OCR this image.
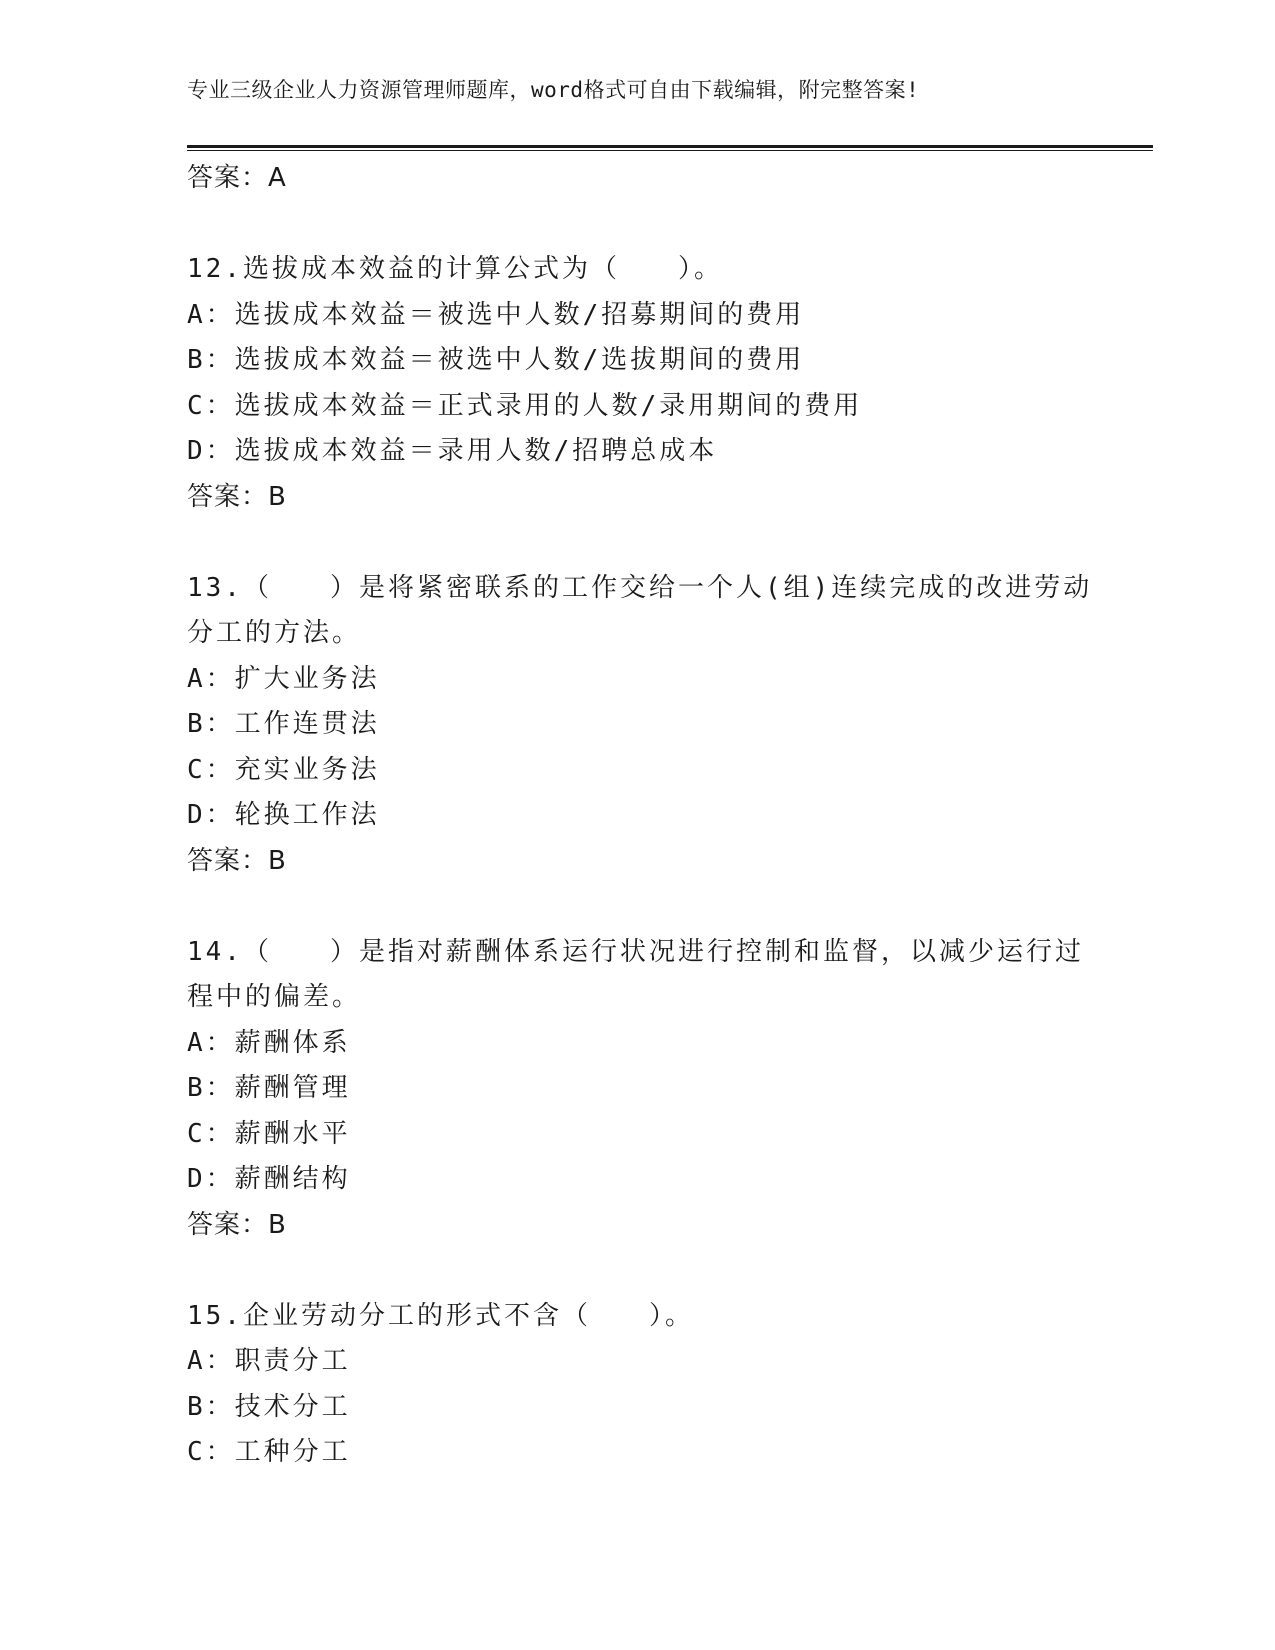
专业三级企业人力资源管理师题库，word格式可自由下载编辑，附完整答案!
答案：A
12.选拔成本效益的计算公式为（　　）。
A：选拔成本效益＝被选中人数/招募期间的费用
B：选拔成本效益＝被选中人数/选拔期间的费用
C：选拔成本效益＝正式录用的人数/录用期间的费用
D：选拔成本效益＝录用人数/招聘总成本
答案：B
13.（　　）是将紧密联系的工作交给一个人(组)连续完成的改进劳动
分工的方法。
A：扩大业务法
B：工作连贯法
C：充实业务法
D：轮换工作法
答案：B
14.（　　）是指对薪酬体系运行状况进行控制和监督，以减少运行过
程中的偏差。
A：薪酬体系
B：薪酬管理
C：薪酬水平
D：薪酬结构
答案：B
15.企业劳动分工的形式不含（　　）。
A：职责分工
B：技术分工
C：工种分工
